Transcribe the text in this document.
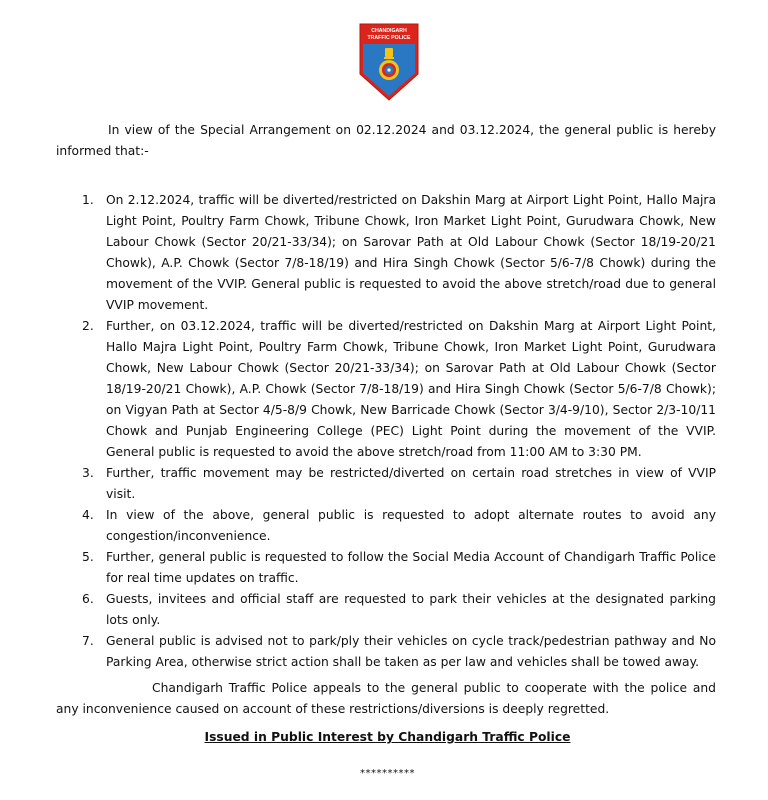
CHANDIGARH
TRAFFIC POLICE

In view of the Special Arrangement on 02.12.2024 and 03.12.2024, the general public is hereby informed that:-

1. On 2.12.2024, traffic will be diverted/restricted on Dakshin Marg at Airport Light Point, Hallo Majra Light Point, Poultry Farm Chowk, Tribune Chowk, Iron Market Light Point, Gurudwara Chowk, New Labour Chowk (Sector 20/21-33/34); on Sarovar Path at Old Labour Chowk (Sector 18/19-20/21 Chowk), A.P. Chowk (Sector 7/8-18/19) and Hira Singh Chowk (Sector 5/6-7/8 Chowk) during the movement of the VVIP. General public is requested to avoid the above stretch/road due to general VVIP movement.
2. Further, on 03.12.2024, traffic will be diverted/restricted on Dakshin Marg at Airport Light Point, Hallo Majra Light Point, Poultry Farm Chowk, Tribune Chowk, Iron Market Light Point, Gurudwara Chowk, New Labour Chowk (Sector 20/21-33/34); on Sarovar Path at Old Labour Chowk (Sector 18/19-20/21 Chowk), A.P. Chowk (Sector 7/8-18/19) and Hira Singh Chowk (Sector 5/6-7/8 Chowk); on Vigyan Path at Sector 4/5-8/9 Chowk, New Barricade Chowk (Sector 3/4-9/10), Sector 2/3-10/11 Chowk and Punjab Engineering College (PEC) Light Point during the movement of the VVIP. General public is requested to avoid the above stretch/road from 11:00 AM to 3:30 PM.
3. Further, traffic movement may be restricted/diverted on certain road stretches in view of VVIP visit.
4. In view of the above, general public is requested to adopt alternate routes to avoid any congestion/inconvenience.
5. Further, general public is requested to follow the Social Media Account of Chandigarh Traffic Police for real time updates on traffic.
6. Guests, invitees and official staff are requested to park their vehicles at the designated parking lots only.
7. General public is advised not to park/ply their vehicles on cycle track/pedestrian pathway and No Parking Area, otherwise strict action shall be taken as per law and vehicles shall be towed away.

Chandigarh Traffic Police appeals to the general public to cooperate with the police and any inconvenience caused on account of these restrictions/diversions is deeply regretted.

Issued in Public Interest by Chandigarh Traffic Police

**********
